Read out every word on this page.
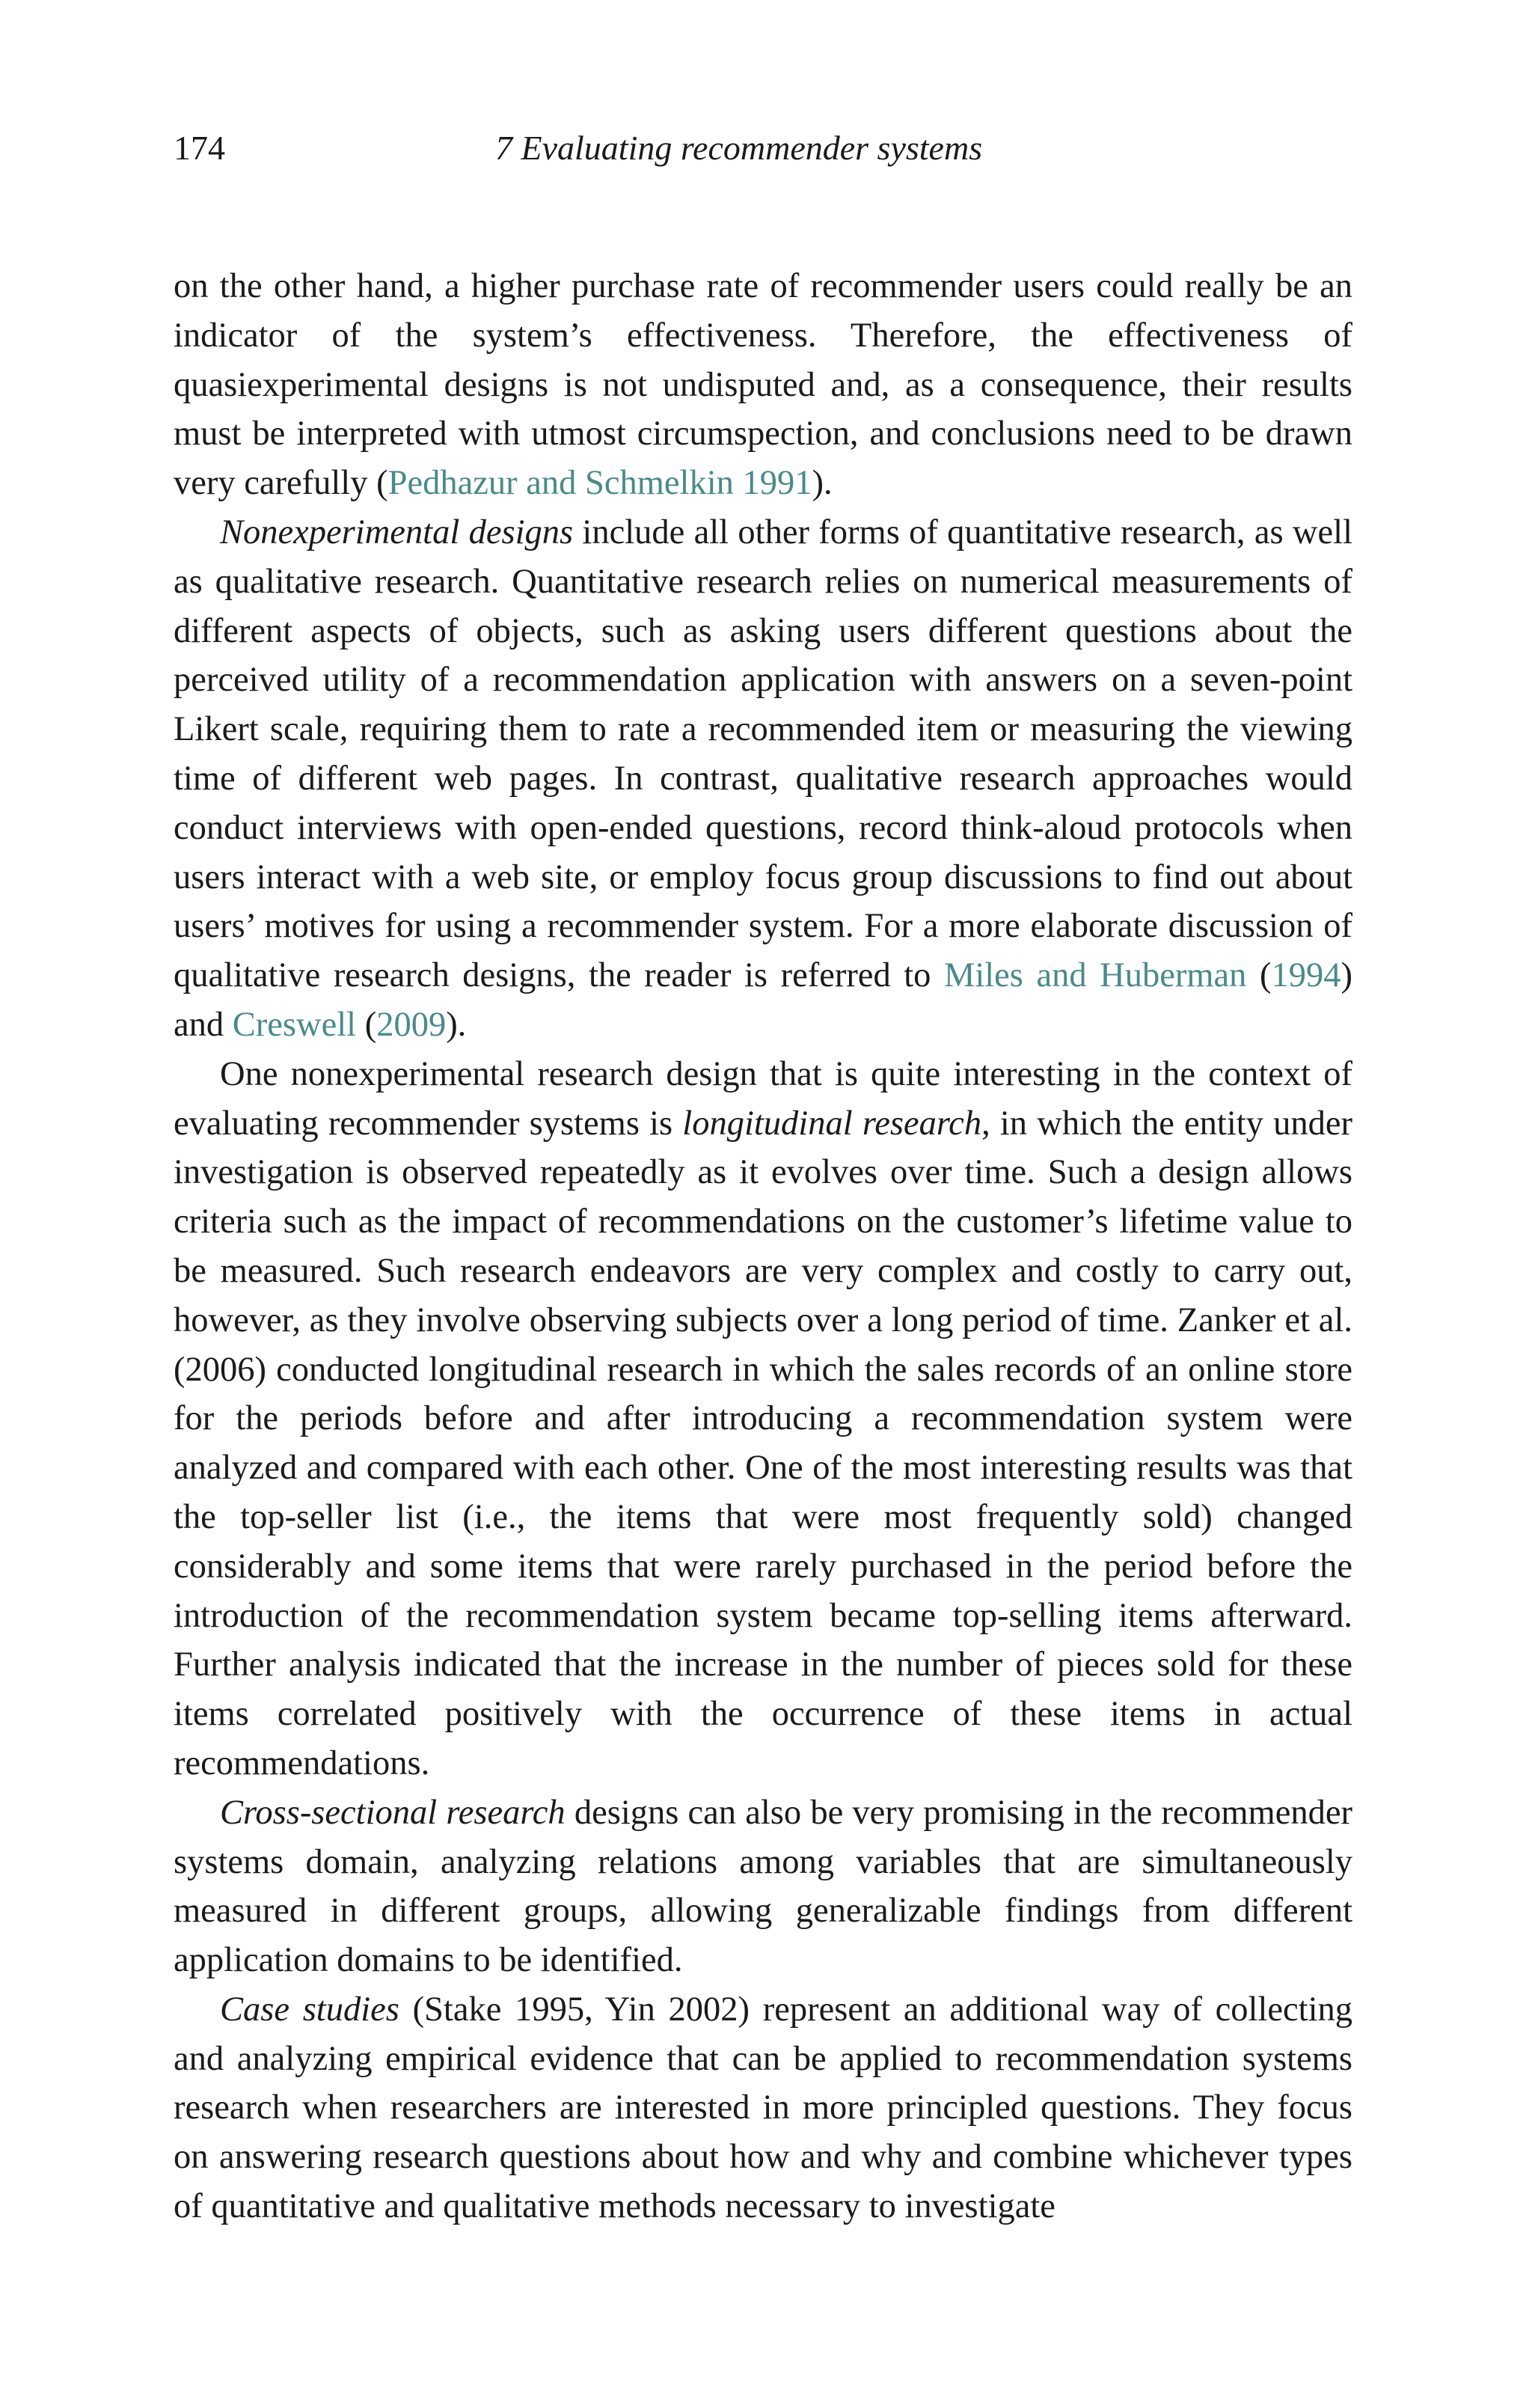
174	7 Evaluating recommender systems

on the other hand, a higher purchase rate of recommender users could really be an indicator of the system’s effectiveness. Therefore, the effectiveness of quasiexperimental designs is not undisputed and, as a consequence, their results must be interpreted with utmost circumspection, and conclusions need to be drawn very carefully (Pedhazur and Schmelkin 1991).

Nonexperimental designs include all other forms of quantitative research, as well as qualitative research. Quantitative research relies on numerical measurements of different aspects of objects, such as asking users different questions about the perceived utility of a recommendation application with answers on a seven-point Likert scale, requiring them to rate a recommended item or measuring the viewing time of different web pages. In contrast, qualitative research approaches would conduct interviews with open-ended questions, record think-aloud protocols when users interact with a web site, or employ focus group discussions to find out about users’ motives for using a recommender system. For a more elaborate discussion of qualitative research designs, the reader is referred to Miles and Huberman (1994) and Creswell (2009).

One nonexperimental research design that is quite interesting in the context of evaluating recommender systems is longitudinal research, in which the entity under investigation is observed repeatedly as it evolves over time. Such a design allows criteria such as the impact of recommendations on the customer’s lifetime value to be measured. Such research endeavors are very complex and costly to carry out, however, as they involve observing subjects over a long period of time. Zanker et al. (2006) conducted longitudinal research in which the sales records of an online store for the periods before and after introducing a recommendation system were analyzed and compared with each other. One of the most interesting results was that the top-seller list (i.e., the items that were most frequently sold) changed considerably and some items that were rarely purchased in the period before the introduction of the recommendation system became top-selling items afterward. Further analysis indicated that the increase in the number of pieces sold for these items correlated positively with the occurrence of these items in actual recommendations.

Cross-sectional research designs can also be very promising in the recommender systems domain, analyzing relations among variables that are simultaneously measured in different groups, allowing generalizable findings from different application domains to be identified.

Case studies (Stake 1995, Yin 2002) represent an additional way of collecting and analyzing empirical evidence that can be applied to recommendation systems research when researchers are interested in more principled questions. They focus on answering research questions about how and why and combine whichever types of quantitative and qualitative methods necessary to investigate
